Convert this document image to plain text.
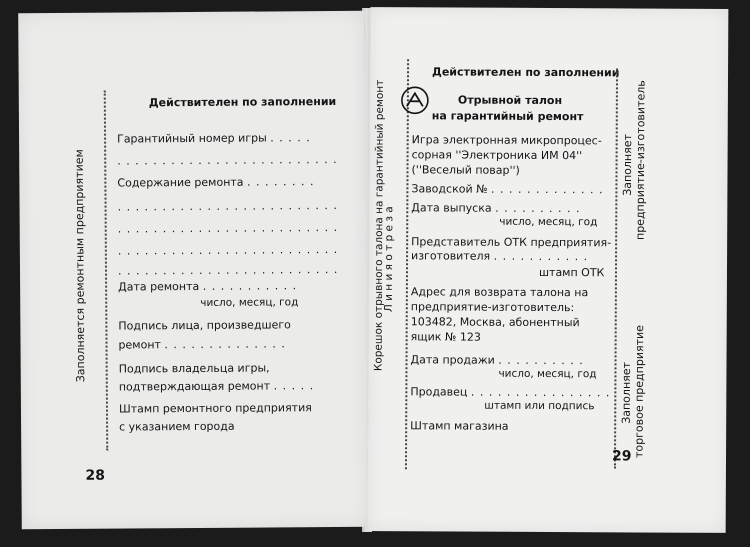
Заполняется ремонтным предприятием
Действителен по заполнении
Гарантийный номер игры . . . . .
. . . . . . . . . . . . . . . . . . . . . . . . .
Содержание ремонта . . . . . . . .
. . . . . . . . . . . . . . . . . . . . . . . . .
. . . . . . . . . . . . . . . . . . . . . . . . .
. . . . . . . . . . . . . . . . . . . . . . . . .
. . . . . . . . . . . . . . . . . . . . . . . . .
Дата ремонта . . . . . . . . . . .
число, месяц, год
Подпись лица, произведшего
ремонт . . . . . . . . . . . . . .
Подпись владельца игры,
подтверждающая ремонт . . . . .
Штамп ремонтного предприятия
с указанием города
28
Корешок отрывного талона на гарантийный ремонт
Л и н и я о т р е з а
Действителен по заполнении
Отрывной талон
на гарантийный ремонт
Игра электронная микропроцес-
сорная ''Электроника ИМ 04''
(''Веселый повар'')
Заводской № . . . . . . . . . . . . .
Дата выпуска . . . . . . . . . .
число, месяц, год
Представитель ОТК предприятия-
изготовителя . . . . . . . . . . .
штамп ОТК
Адрес для возврата талона на
предприятие-изготовитель:
103482, Москва, абонентный
ящик № 123
Дата продажи . . . . . . . . . .
число, месяц, год
Продавец . . . . . . . . . . . . . . . .
штамп или подпись
Штамп магазина
Заполняет предприятие-изготовитель
Заполняет торговое предприятие
29
